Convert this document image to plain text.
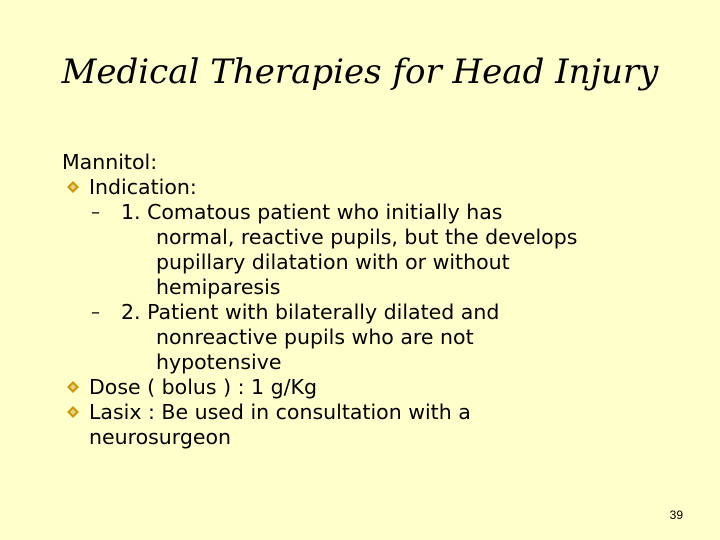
Medical Therapies for Head Injury
Mannitol:
Indication:
– 1. Comatous patient who initially has
normal, reactive pupils, but the develops
pupillary dilatation with or without
hemiparesis
– 2. Patient with bilaterally dilated and
nonreactive pupils who are not
hypotensive
Dose ( bolus ) : 1 g/Kg
Lasix : Be used in consultation with a
neurosurgeon
39
